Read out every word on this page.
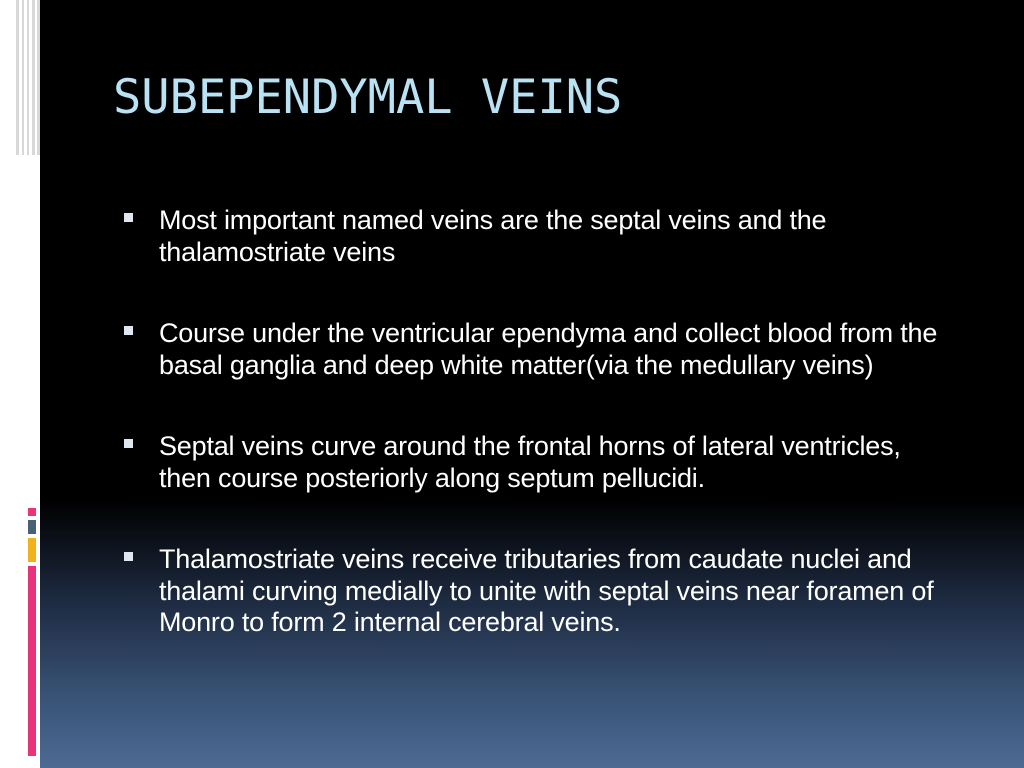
SUBEPENDYMAL VEINS
Most important named veins are the septal veins and the thalamostriate veins
Course under the ventricular ependyma and collect blood from the basal ganglia and deep white matter(via the medullary veins)
Septal veins curve around the frontal horns of lateral ventricles, then course posteriorly along septum pellucidi.
Thalamostriate veins receive tributaries from caudate nuclei and thalami curving medially to unite with septal veins near foramen of Monro to form 2 internal cerebral veins.
